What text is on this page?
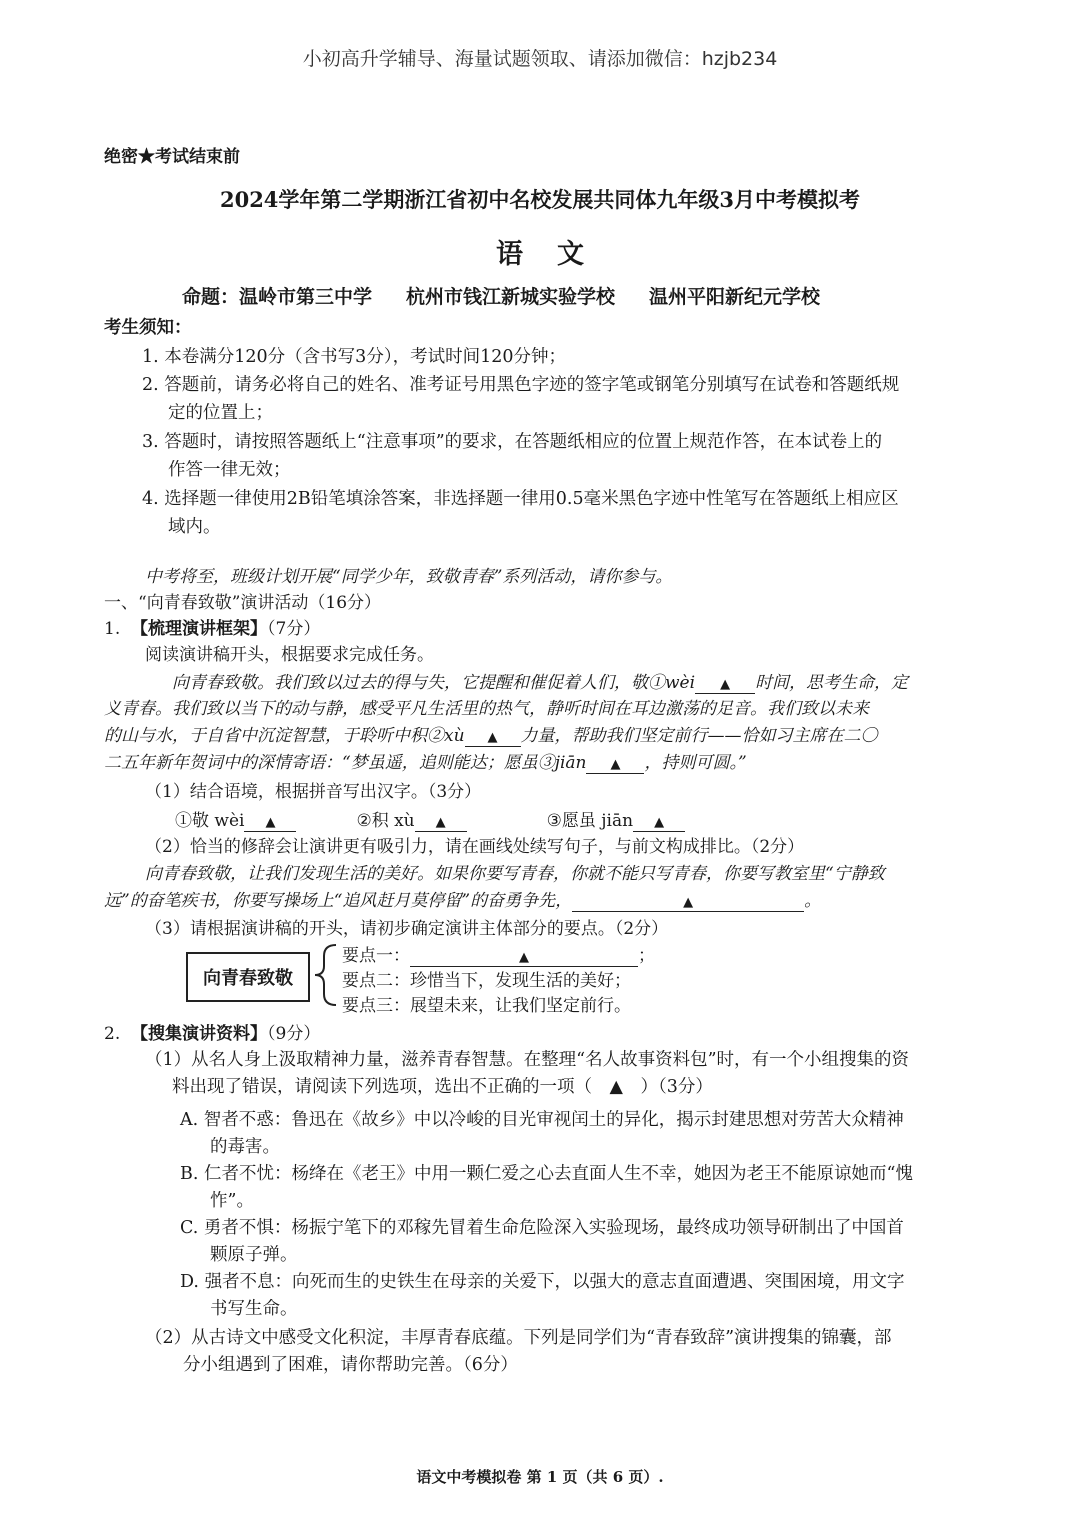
小初高升学辅导、海量试题领取、请添加微信：hzjb234
绝密★考试结束前
2024学年第二学期浙江省初中名校发展共同体九年级3月中考模拟考
语文
命题：温岭市第三中学 杭州市钱江新城实验学校 温州平阳新纪元学校
考生须知：
1. 本卷满分120分（含书写3分），考试时间120分钟；
2. 答题前，请务必将自己的姓名、准考证号用黑色字迹的签字笔或钢笔分别填写在试卷和答题纸规
定的位置上；
3. 答题时，请按照答题纸上“注意事项”的要求，在答题纸相应的位置上规范作答，在本试卷上的
作答一律无效；
4. 选择题一律使用2B铅笔填涂答案，非选择题一律用0.5毫米黑色字迹中性笔写在答题纸上相应区
域内。
中考将至，班级计划开展“同学少年，致敬青春”系列活动，请你参与。
一、“向青春致敬”演讲活动（16分）
1. 【梳理演讲框架】（7分）
阅读演讲稿开头，根据要求完成任务。
向青春致敬。我们致以过去的得与失，它提醒和催促着人们，敬①wèi ▲ 时间，思考生命，定
义青春。我们致以当下的动与静，感受平凡生活里的热气，静听时间在耳边激荡的足音。我们致以未来
的山与水，于自省中沉淀智慧，于聆听中积②xù ▲ 力量，帮助我们坚定前行——恰如习主席在二〇
二五年新年贺词中的深情寄语：“梦虽遥，追则能达；愿虽③jiān ▲ ，持则可圆。”
（1）结合语境，根据拼音写出汉字。（3分）
①敬 wèi ▲	②积 xù ▲	③愿虽 jiān ▲
（2）恰当的修辞会让演讲更有吸引力，请在画线处续写句子，与前文构成排比。（2分）
向青春致敬，让我们发现生活的美好。如果你要写青春，你就不能只写青春，你要写教室里“宁静致
远”的奋笔疾书，你要写操场上“追风赶月莫停留”的奋勇争先，	▲	。
（3）请根据演讲稿的开头，请初步确定演讲主体部分的要点。（2分）
向青春致敬
要点一：	▲	；
要点二：珍惜当下，发现生活的美好；
要点三：展望未来，让我们坚定前行。
2. 【搜集演讲资料】（9分）
（1）从名人身上汲取精神力量，滋养青春智慧。在整理“名人故事资料包”时，有一个小组搜集的资
料出现了错误，请阅读下列选项，选出不正确的一项（　▲　）（3分）
A. 智者不惑：鲁迅在《故乡》中以冷峻的目光审视闰土的异化，揭示封建思想对劳苦大众精神
的毒害。
B. 仁者不忧：杨绛在《老王》中用一颗仁爱之心去直面人生不幸，她因为老王不能原谅她而“愧
怍”。
C. 勇者不惧：杨振宁笔下的邓稼先冒着生命危险深入实验现场，最终成功领导研制出了中国首
颗原子弹。
D. 强者不息：向死而生的史铁生在母亲的关爱下，以强大的意志直面遭遇、突围困境，用文字
书写生命。
（2）从古诗文中感受文化积淀，丰厚青春底蕴。下列是同学们为“青春致辞”演讲搜集的锦囊，部
分小组遇到了困难，请你帮助完善。（6分）
语文中考模拟卷 第 1 页（共 6 页）.
